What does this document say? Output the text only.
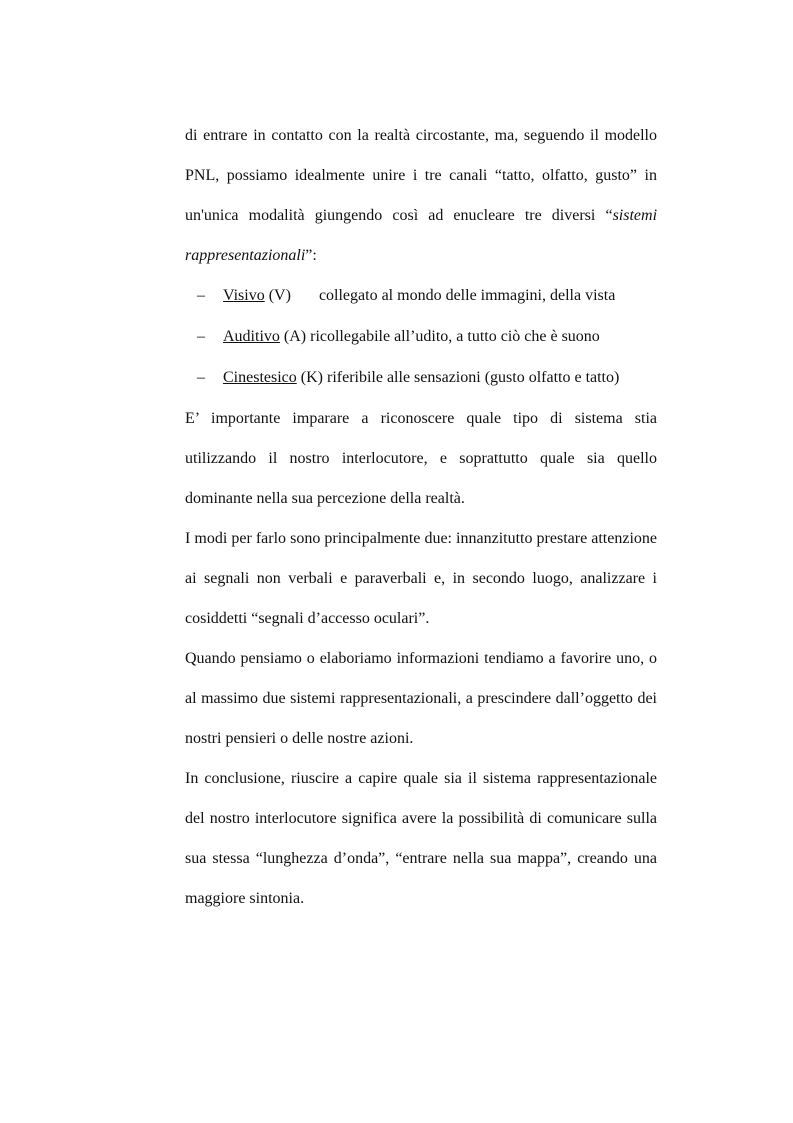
di entrare in contatto con la realtà circostante, ma, seguendo il modello PNL, possiamo idealmente unire i tre canali “tatto, olfatto, gusto” in un'unica modalità giungendo così ad enucleare tre diversi “sistemi rappresentazionali”:

– Visivo (V) collegato al mondo delle immagini, della vista
– Auditivo (A) ricollegabile all’udito, a tutto ciò che è suono
– Cinestesico (K) riferibile alle sensazioni (gusto olfatto e tatto)

E’ importante imparare a riconoscere quale tipo di sistema stia utilizzando il nostro interlocutore, e soprattutto quale sia quello dominante nella sua percezione della realtà.

I modi per farlo sono principalmente due: innanzitutto prestare attenzione ai segnali non verbali e paraverbali e, in secondo luogo, analizzare i cosiddetti “segnali d’accesso oculari”.

Quando pensiamo o elaboriamo informazioni tendiamo a favorire uno, o al massimo due sistemi rappresentazionali, a prescindere dall’oggetto dei nostri pensieri o delle nostre azioni.

In conclusione, riuscire a capire quale sia il sistema rappresentazionale del nostro interlocutore significa avere la possibilità di comunicare sulla sua stessa “lunghezza d’onda”, “entrare nella sua mappa”, creando una maggiore sintonia.
